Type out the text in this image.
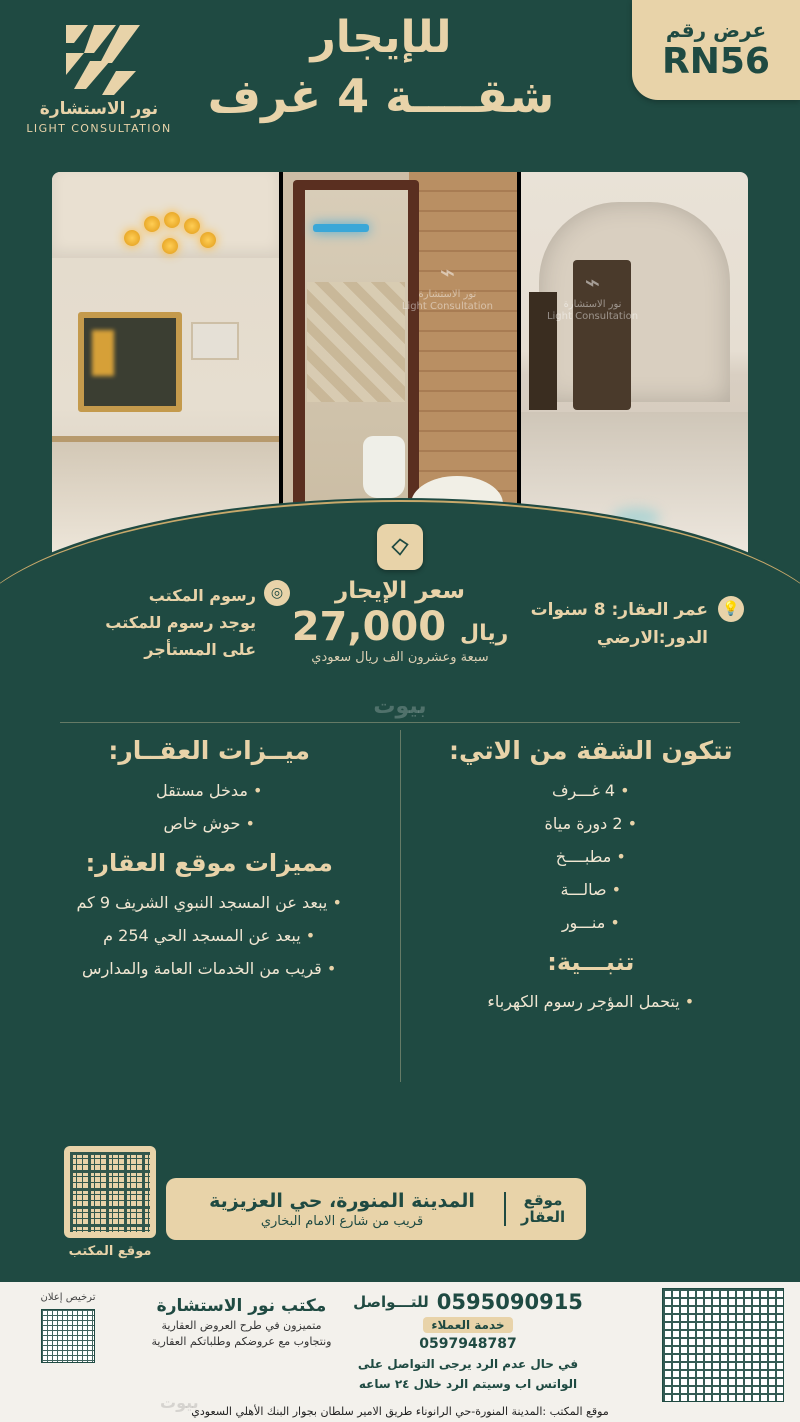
عرض رقم
RN56
للإيجار
شقــــة 4 غرف
نور الاستشارة
LIGHT CONSULTATION
⌁
نور الاستشارة
Light Consultation
⌁
نور الاستشارة
Light Consultation
سعر الإيجار
ريال 27,000
سبعة وعشرون الف ريال سعودي
◎
رسوم المكتب
يوجد رسوم للمكتب
على المستأجر
💡
عمر العقار: 8 سنوات
الدور:الارضي
بيوت
تتكون الشقة من الاتي:
• 4 غـــرف
• 2 دورة مياة
• مطبــــخ
• صالـــة
• منـــور
تنبـــية:
• يتحمل المؤجر رسوم الكهرباء
ميــزات العقــار:
• مدخل مستقل
• حوش خاص
مميزات موقع العقار:
• يبعد عن المسجد النبوي الشريف 9 كم
• يبعد عن المسجد الحي 254 م
• قريب من الخدمات العامة والمدارس
موقع العقار
المدينة المنورة، حي العزيزية
قريب من شارع الامام البخاري
موقع المكتب
ترخيص إعلان	مكتب نور الاستشارة
متميزون في طرح العروض العقارية
ونتجاوب مع عروضكم وطلباتكم العقارية
0595090915
للتـــواصل
خدمة العملاء
0597948787
في حال عدم الرد يرجى التواصل على
الواتس اب وسيتم الرد خلال ٢٤ ساعه
بيوت
موقع المكتب :المدينة المنورة-حي الرانوناء طريق الامير سلطان بجوار البنك الأهلي السعودي
